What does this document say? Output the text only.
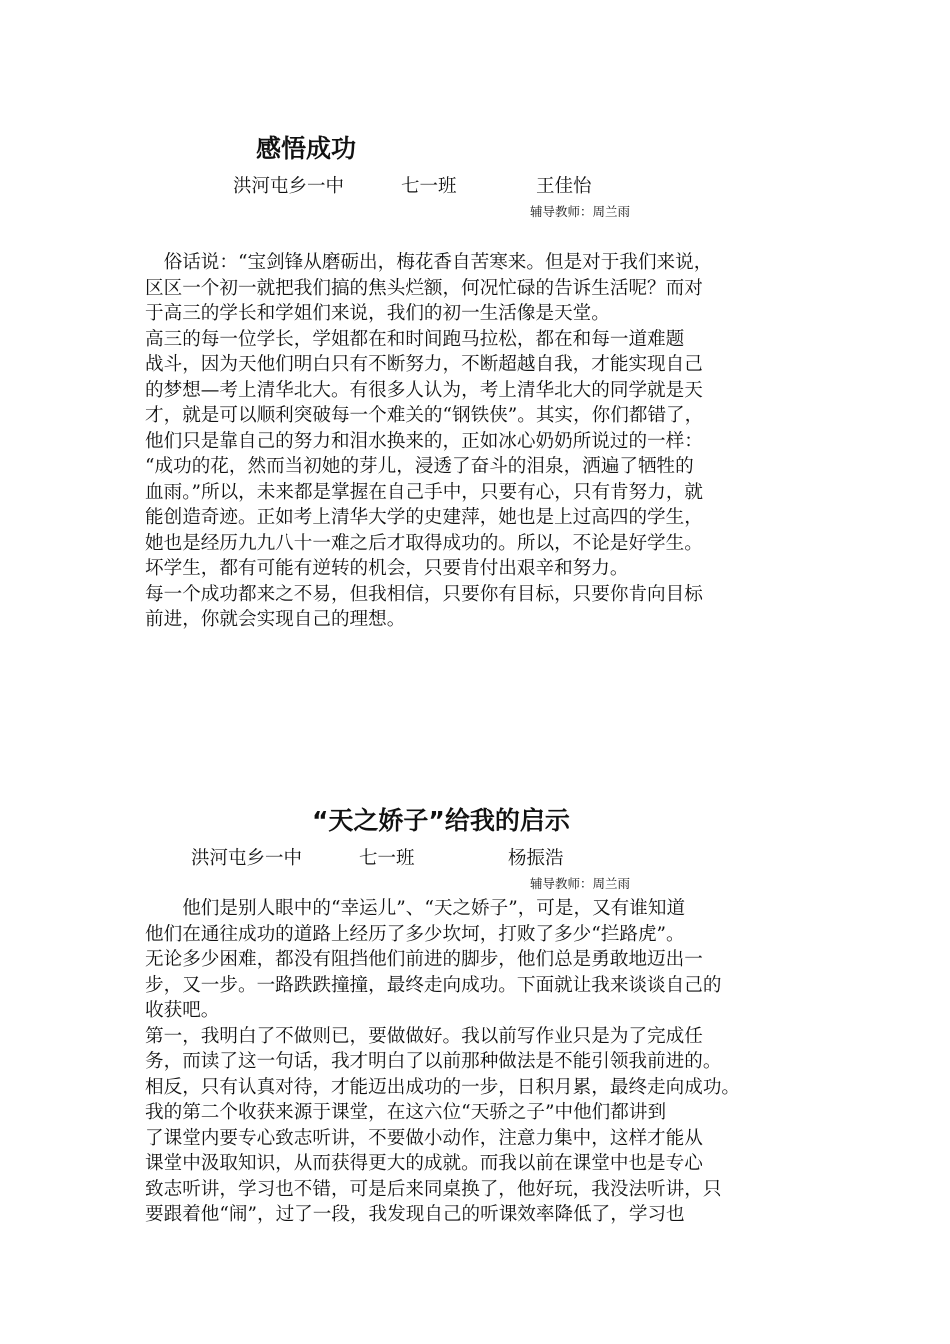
感悟成功
洪河屯乡一中	七一班	王佳怡
辅导教师：周兰雨
　俗话说：“宝剑锋从磨砺出，梅花香自苦寒来。但是对于我们来说，
区区一个初一就把我们搞的焦头烂额，何况忙碌的告诉生活呢？而对
于高三的学长和学姐们来说，我们的初一生活像是天堂。
高三的每一位学长，学姐都在和时间跑马拉松，都在和每一道难题
战斗，因为天他们明白只有不断努力，不断超越自我，才能实现自己
的梦想—考上清华北大。有很多人认为，考上清华北大的同学就是天
才，就是可以顺利突破每一个难关的“钢铁侠”。其实，你们都错了，
他们只是靠自己的努力和泪水换来的，正如冰心奶奶所说过的一样：
“成功的花，然而当初她的芽儿，浸透了奋斗的泪泉，洒遍了牺牲的
血雨。”所以，未来都是掌握在自己手中，只要有心，只有肯努力，就
能创造奇迹。正如考上清华大学的史建萍，她也是上过高四的学生，
她也是经历九九八十一难之后才取得成功的。所以，不论是好学生。
坏学生，都有可能有逆转的机会，只要肯付出艰辛和努力。
每一个成功都来之不易，但我相信，只要你有目标，只要你肯向目标
前进，你就会实现自己的理想。
“天之娇子”给我的启示
洪河屯乡一中	七一班	杨振浩
辅导教师：周兰雨
　　他们是别人眼中的“幸运儿”、“天之娇子”，可是，又有谁知道
他们在通往成功的道路上经历了多少坎坷，打败了多少“拦路虎”。
无论多少困难，都没有阻挡他们前进的脚步，他们总是勇敢地迈出一
步，又一步。一路跌跌撞撞，最终走向成功。下面就让我来谈谈自己的
收获吧。
第一，我明白了不做则已，要做做好。我以前写作业只是为了完成任
务，而读了这一句话，我才明白了以前那种做法是不能引领我前进的。
相反，只有认真对待，才能迈出成功的一步，日积月累，最终走向成功。
我的第二个收获来源于课堂，在这六位“天骄之子”中他们都讲到
了课堂内要专心致志听讲，不要做小动作，注意力集中，这样才能从
课堂中汲取知识，从而获得更大的成就。而我以前在课堂中也是专心
致志听讲，学习也不错，可是后来同桌换了，他好玩，我没法听讲，只
要跟着他“闹”，过了一段，我发现自己的听课效率降低了，学习也
